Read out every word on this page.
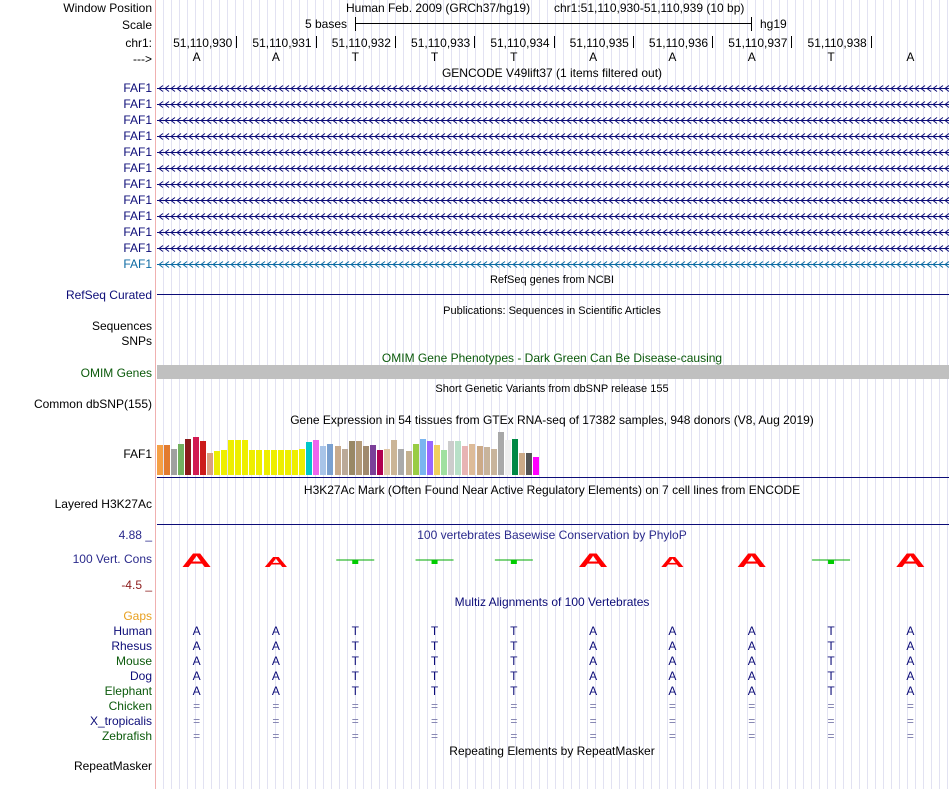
Window Position	Human Feb. 2009 (GRCh37/hg19) chr1:51,110,930-51,110,939 (10 bp)
Scale	5 bases	hg19
chr1:	51,110,930	51,110,931	51,110,932	51,110,933	51,110,934	51,110,935	51,110,936	51,110,937	51,110,938
--->	A	A	T	T	T	A	A	A	T	A
GENCODE V49lift37 (1 items filtered out)
FAF1
FAF1
FAF1
FAF1
FAF1
FAF1
FAF1
FAF1
FAF1
FAF1
FAF1
FAF1
RefSeq genes from NCBI
RefSeq Curated
Publications: Sequences in Scientific Articles
Sequences
SNPs
OMIM Gene Phenotypes - Dark Green Can Be Disease-causing
OMIM Genes
Short Genetic Variants from dbSNP release 155
Common dbSNP(155)
Gene Expression in 54 tissues from GTEx RNA-seq of 17382 samples, 948 donors (V8, Aug 2019)
FAF1
H3K27Ac Mark (Often Found Near Active Regulatory Elements) on 7 cell lines from ENCODE
Layered H3K27Ac
100 vertebrates Basewise Conservation by PhyloP
4.88 _
100 Vert. Cons
-4.5 _
A	A	A	A	A	A
Multiz Alignments of 100 Vertebrates
Gaps
Human	A	A	T	T	T	A	A	A	T	A
Rhesus	A	A	T	T	T	A	A	A	T	A
Mouse	A	A	T	T	T	A	A	A	T	A
Dog	A	A	T	T	T	A	A	A	T	A
Elephant	A	A	T	T	T	A	A	A	T	A
Chicken	=	=	=	=	=	=	=	=	=	=
X_tropicalis	=	=	=	=	=	=	=	=	=	=
Zebrafish	=	=	=	=	=	=	=	=	=	=
Repeating Elements by RepeatMasker
RepeatMasker
